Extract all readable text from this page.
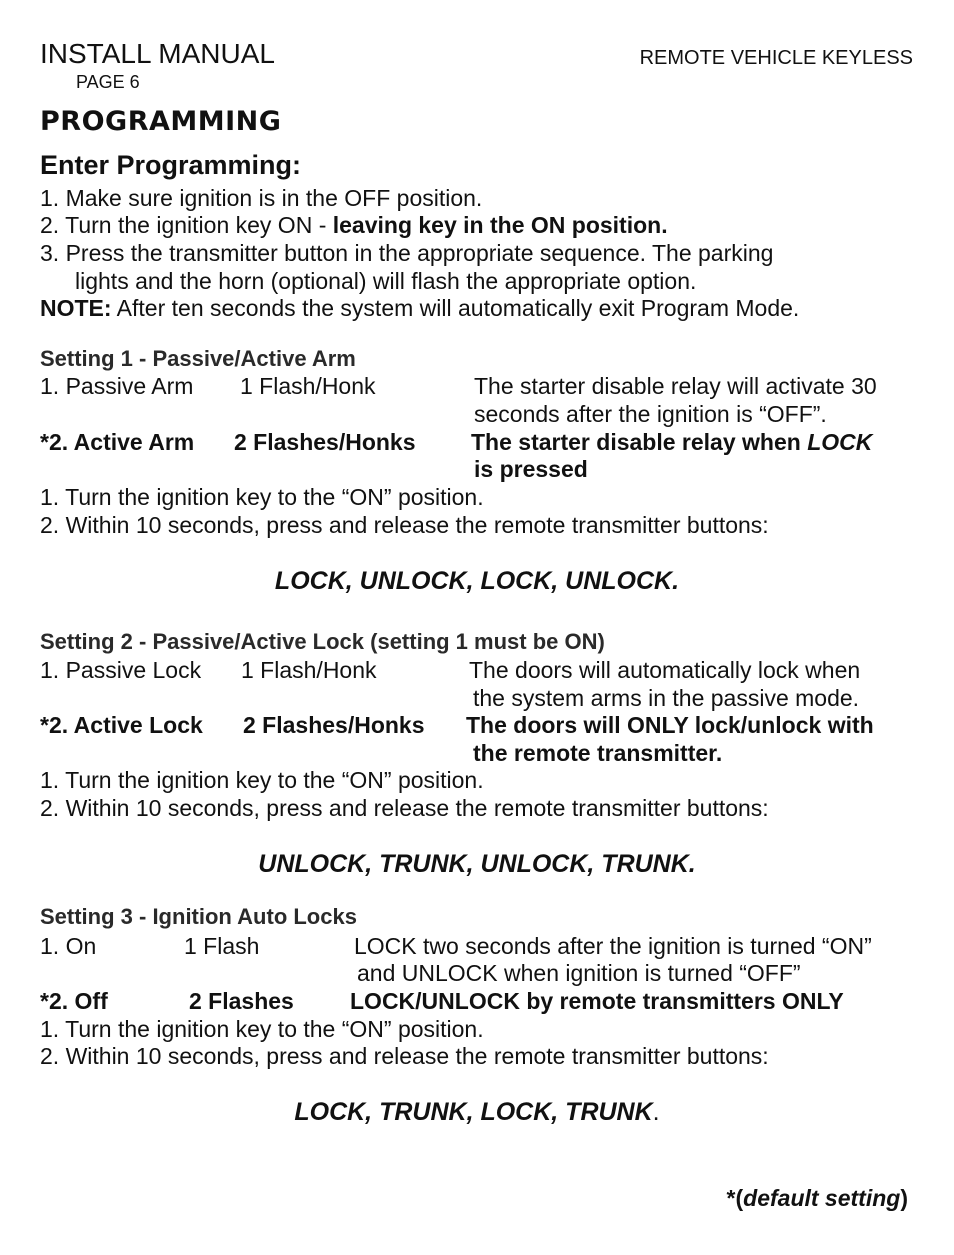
INSTALL MANUAL
PAGE 6
REMOTE VEHICLE KEYLESS
PROGRAMMING
Enter Programming:
1. Make sure ignition is in the OFF position.
2. Turn the ignition key ON - leaving key in the ON position.
3. Press the transmitter button in the appropriate sequence. The parking
lights and the horn (optional) will flash the appropriate option.
NOTE: After ten seconds the system will automatically exit Program Mode.
Setting 1 - Passive/Active Arm
1. Passive Arm 1 Flash/Honk	The starter disable relay will activate 30
seconds after the ignition is “OFF”.
*2. Active Arm 2 Flashes/Honks The starter disable relay when LOCK
is pressed
1. Turn the ignition key to the “ON” position.
2. Within 10 seconds, press and release the remote transmitter buttons:
LOCK, UNLOCK, LOCK, UNLOCK.
Setting 2 - Passive/Active Lock (setting 1 must be ON)
1. Passive Lock 1 Flash/Honk	The doors will automatically lock when
the system arms in the passive mode.
*2. Active Lock 2 Flashes/Honks The doors will ONLY lock/unlock with
the remote transmitter.
1. Turn the ignition key to the “ON” position.
2. Within 10 seconds, press and release the remote transmitter buttons:
UNLOCK, TRUNK, UNLOCK, TRUNK.
Setting 3 - Ignition Auto Locks
1. On	1 Flash	LOCK two seconds after the ignition is turned “ON”
and UNLOCK when ignition is turned “OFF”
*2. Off	2 Flashes LOCK/UNLOCK by remote transmitters ONLY
1. Turn the ignition key to the “ON” position.
2. Within 10 seconds, press and release the remote transmitter buttons:
LOCK, TRUNK, LOCK, TRUNK.
*(default setting)
